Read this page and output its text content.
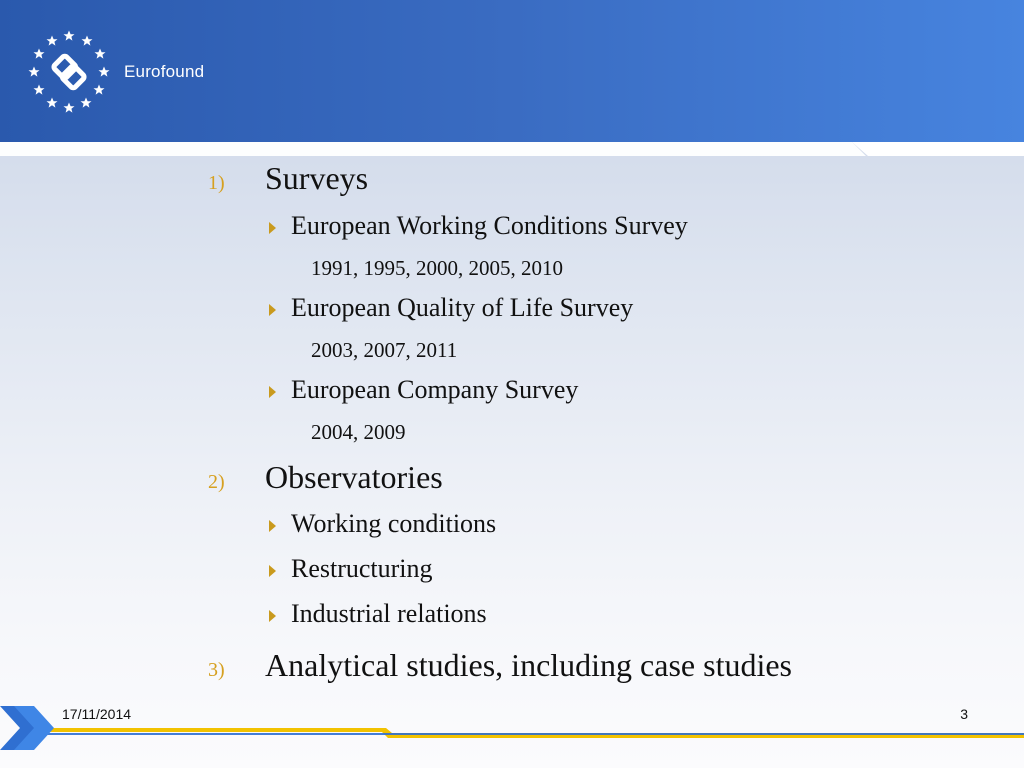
Eurofound
1)	Surveys
European Working Conditions Survey
1991, 1995, 2000, 2005, 2010
European Quality of Life Survey
2003, 2007, 2011
European Company Survey
2004, 2009
2)	Observatories
Working conditions
Restructuring
Industrial relations
3)	Analytical studies, including case studies
17/11/2014	3
